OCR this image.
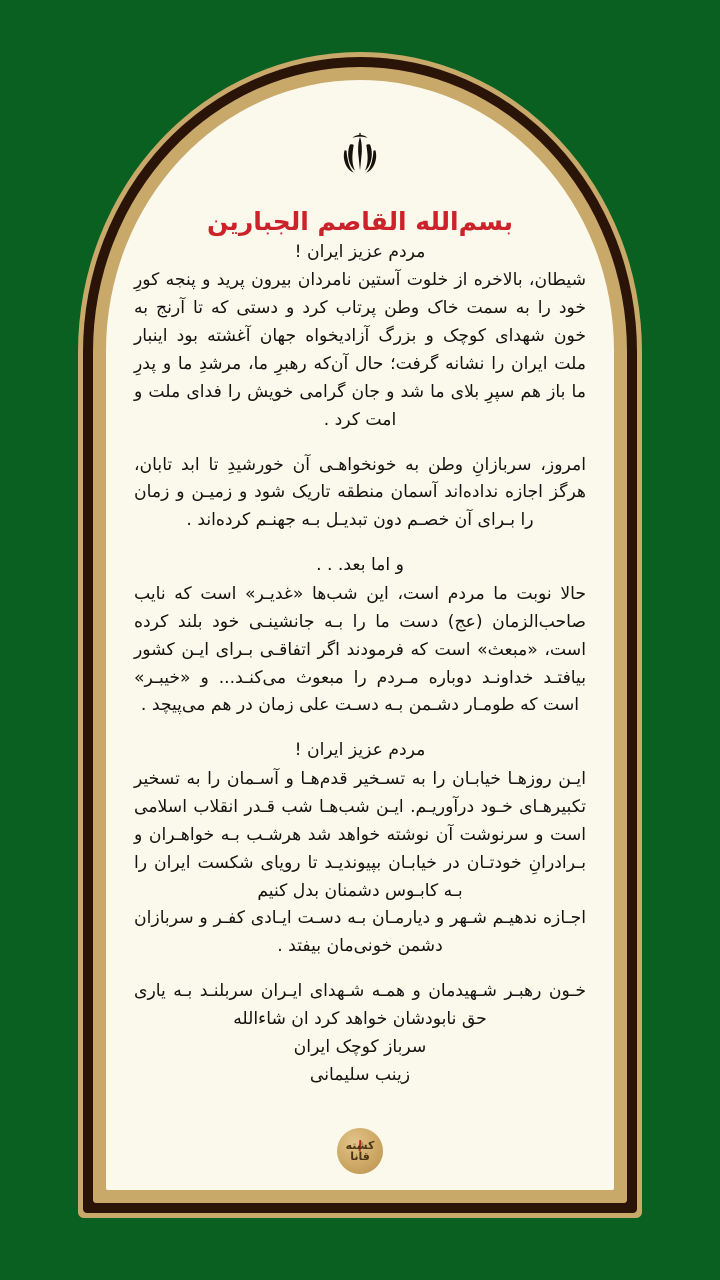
بسم‌الله القاصم الجبارین
مردم عزیز ایران !
شیطان، بالاخره از خلوت آستین نامردان بیرون پرید و پنجه کورِ خود را به سمت خاک وطن پرتاب کرد و دستی که تا آرنج به خون شهدای کوچک و بزرگ آزادیخواه جهان آغشته بود اینبار ملت ایران را نشانه گرفت؛ حال آن‌که رهبرِ ما، مرشدِ ما و پدرِ ما باز هم سپرِ بلای ما شد و جان گرامی خویش را فدای ملت و امت کرد .
امروز، سربازانِ وطن به خونخواهـی آن خورشیدِ تا ابد تابان، هرگز اجازه نداده‌اند آسمان منطقه تاریک شود و زمیـن و زمان را بـرای آن خصـم دون تبدیـل بـه جهنـم کرده‌اند .
و اما بعد. . .
حالا نوبت ما مردم است، این شب‌ها «غدیـر» است که نایب صاحب‌الزمان (عج) دست ما را بـه جانشینـی خود بلند کرده است، «مبعث» است که فرمودند اگر اتفاقـی بـرای ایـن کشور بیافتـد خداونـد دوباره مـردم را مبعوث می‌کنـد... و «خیبـر» است که طومـار دشـمن بـه دسـت علی زمان در هم می‌پیچد .
مردم عزیز ایران !
ایـن روزهـا خیابـان را به تسـخیر قدم‌هـا و آسـمان را به تسخیر تکبیرهـای خـود درآوریـم. ایـن شب‌هـا شب قـدر انقلاب اسلامی است و سرنوشت آن نوشته خواهد شد هرشـب بـه خواهـران و بـرادرانِ خودتـان در خیابـان بپیوندیـد تا رویای شکست ایران را بـه کابـوس دشمنان بدل کنیم
اجـازه ندهیـم شـهر و دیارمـان بـه دسـت ایـادی کفـر و سربازان دشمن خونی‌مان بیفتد .
خـون رهبـر شـهیدمان و همـه شـهدای ایـران سربلنـد بـه یاری حق نابودشان خواهد کرد ان شاءالله
سرباز کوچک ایران
زینب سلیمانی
کشته قانا
